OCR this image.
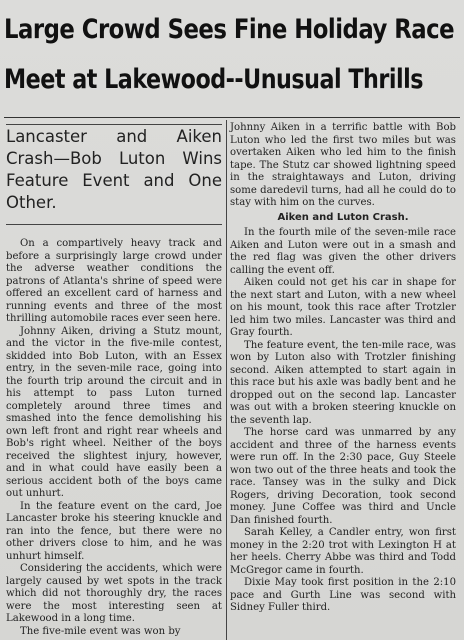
Large Crowd Sees Fine Holiday Race
Meet at Lakewood--Unusual Thrills
Lancaster and Aiken Crash—Bob Luton Wins Feature Event and One Other.

On a compartively heavy track and before a surprisingly large crowd under the adverse weather conditions the patrons of Atlanta's shrine of speed were offered an excellent card of harness and running events and three of the most thrilling automobile races ever seen here.

Johnny Aiken, driving a Stutz mount, and the victor in the five-mile contest, skidded into Bob Luton, with an Essex entry, in the seven-mile race, going into the fourth trip around the circuit and in his attempt to pass Luton turned completely around three times and smashed into the fence demolishing his own left front and right rear wheels and Bob's right wheel. Neither of the boys received the slightest injury, however, and in what could have easily been a serious accident both of the boys came out unhurt.

In the feature event on the card, Joe Lancaster broke his steering knuckle and ran into the fence, but there were no other drivers close to him, and he was unhurt himself.

Considering the accidents, which were largely caused by wet spots in the track which did not thoroughly dry, the races were the most interesting seen at Lakewood in a long time.

The five-mile event was won by

Johnny Aiken in a terrific battle with Bob Luton who led the first two miles but was overtaken Aiken who led him to the finish tape. The Stutz car showed lightning speed in the straightaways and Luton, driving some daredevil turns, had all he could do to stay with him on the curves.

Aiken and Luton Crash.

In the fourth mile of the seven-mile race Aiken and Luton were out in a smash and the red flag was given the other drivers calling the event off.

Aiken could not get his car in shape for the next start and Luton, with a new wheel on his mount, took this race after Trotzler led him two miles. Lancaster was third and Gray fourth.

The feature event, the ten-mile race, was won by Luton also with Trotzler finishing second. Aiken attempted to start again in this race but his axle was badly bent and he dropped out on the second lap. Lancaster was out with a broken steering knuckle on the seventh lap.

The horse card was unmarred by any accident and three of the harness events were run off. In the 2:30 pace, Guy Steele won two out of the three heats and took the race. Tansey was in the sulky and Dick Rogers, driving Decoration, took second money. June Coffee was third and Uncle Dan finished fourth.

Sarah Kelley, a Candler entry, won first money in the 2:20 trot with Lexington H at her heels. Cherry Abbe was third and Todd McGregor came in fourth.

Dixie May took first position in the 2:10 pace and Gurth Line was second with Sidney Fuller third.
